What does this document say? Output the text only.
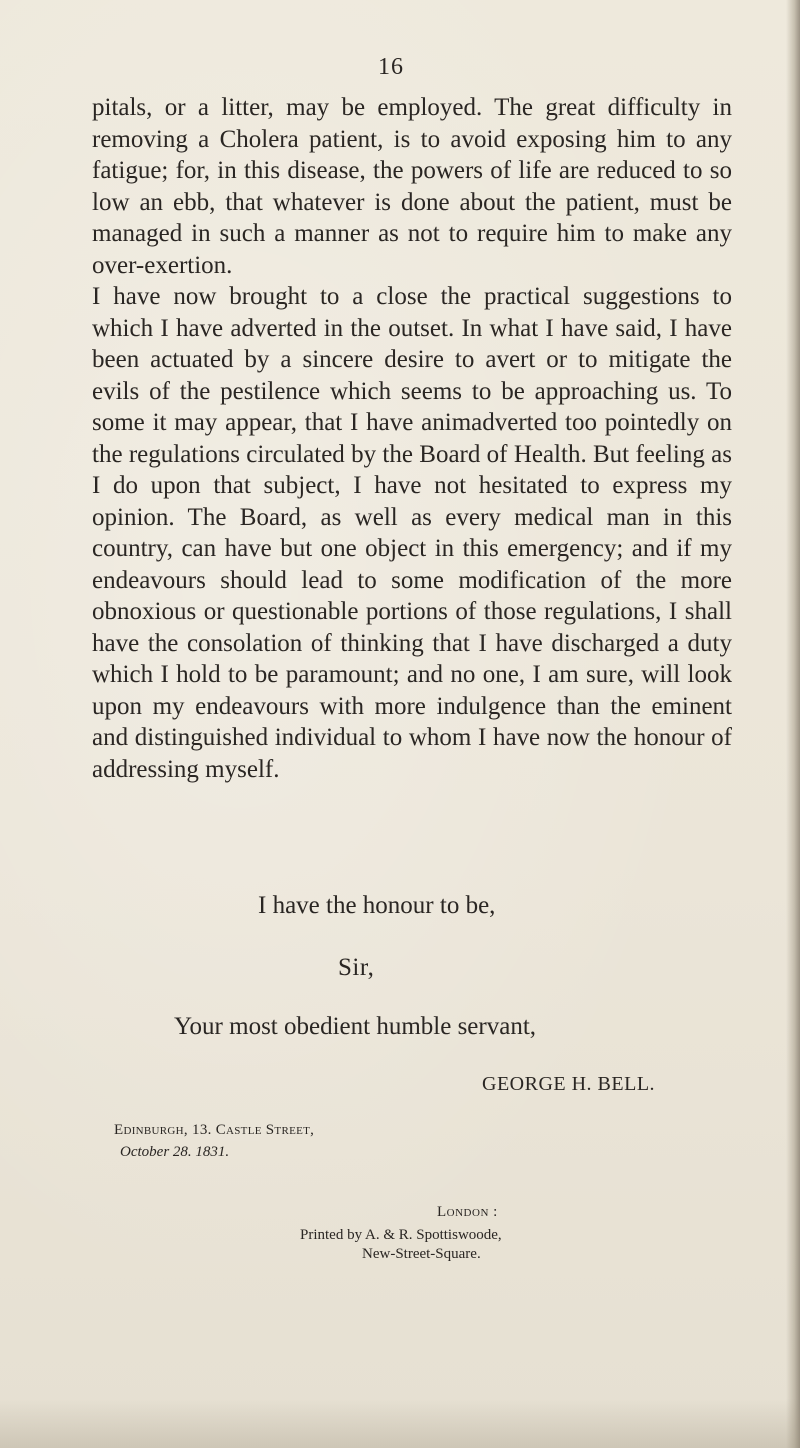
16

pitals, or a litter, may be employed. The great difficulty in removing a Cholera patient, is to avoid exposing him to any fatigue; for, in this disease, the powers of life are reduced to so low an ebb, that whatever is done about the patient, must be managed in such a manner as not to require him to make any over-exertion.

I have now brought to a close the practical suggestions to which I have adverted in the outset. In what I have said, I have been actuated by a sincere desire to avert or to mitigate the evils of the pestilence which seems to be approaching us. To some it may appear, that I have animadverted too pointedly on the regulations circulated by the Board of Health. But feeling as I do upon that subject, I have not hesitated to express my opinion. The Board, as well as every medical man in this country, can have but one object in this emergency; and if my endeavours should lead to some modification of the more obnoxious or questionable portions of those regulations, I shall have the consolation of thinking that I have discharged a duty which I hold to be paramount; and no one, I am sure, will look upon my endeavours with more indulgence than the eminent and distinguished individual to whom I have now the honour of addressing myself.

I have the honour to be,
Sir,
Your most obedient humble servant,
GEORGE H. BELL.
Edinburgh, 13. Castle Street,
October 28. 1831.
London :
Printed by A. & R. Spottiswoode,
New-Street-Square.
